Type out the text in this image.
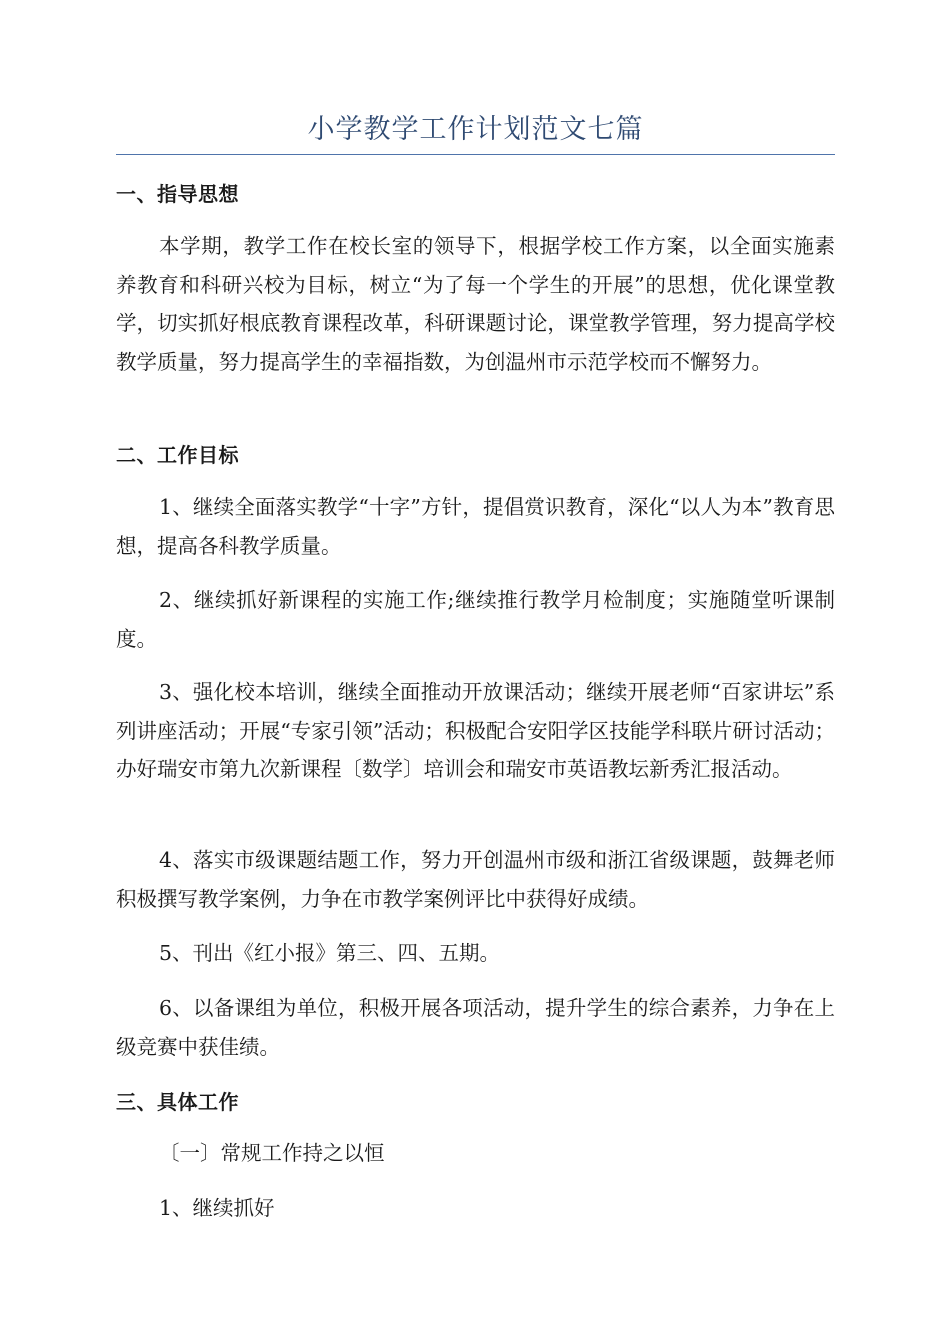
小学教学工作计划范文七篇
一、指导思想
本学期，教学工作在校长室的领导下，根据学校工作方案，以全面实施素养教育和科研兴校为目标，树立“为了每一个学生的开展”的思想，优化课堂教学，切实抓好根底教育课程改革，科研课题讨论，课堂教学管理，努力提高学校教学质量，努力提高学生的幸福指数，为创温州市示范学校而不懈努力。
二、工作目标
1、继续全面落实教学“十字”方针，提倡赏识教育，深化“以人为本”教育思想，提高各科教学质量。
2、继续抓好新课程的实施工作;继续推行教学月检制度；实施随堂听课制度。
3、强化校本培训，继续全面推动开放课活动；继续开展老师“百家讲坛”系列讲座活动；开展“专家引领”活动；积极配合安阳学区技能学科联片研讨活动；办好瑞安市第九次新课程〔数学〕培训会和瑞安市英语教坛新秀汇报活动。
4、落实市级课题结题工作，努力开创温州市级和浙江省级课题，鼓舞老师积极撰写教学案例，力争在市教学案例评比中获得好成绩。
5、刊出《红小报》第三、四、五期。
6、以备课组为单位，积极开展各项活动，提升学生的综合素养，力争在上级竞赛中获佳绩。
三、具体工作
〔一〕常规工作持之以恒
1、继续抓好
